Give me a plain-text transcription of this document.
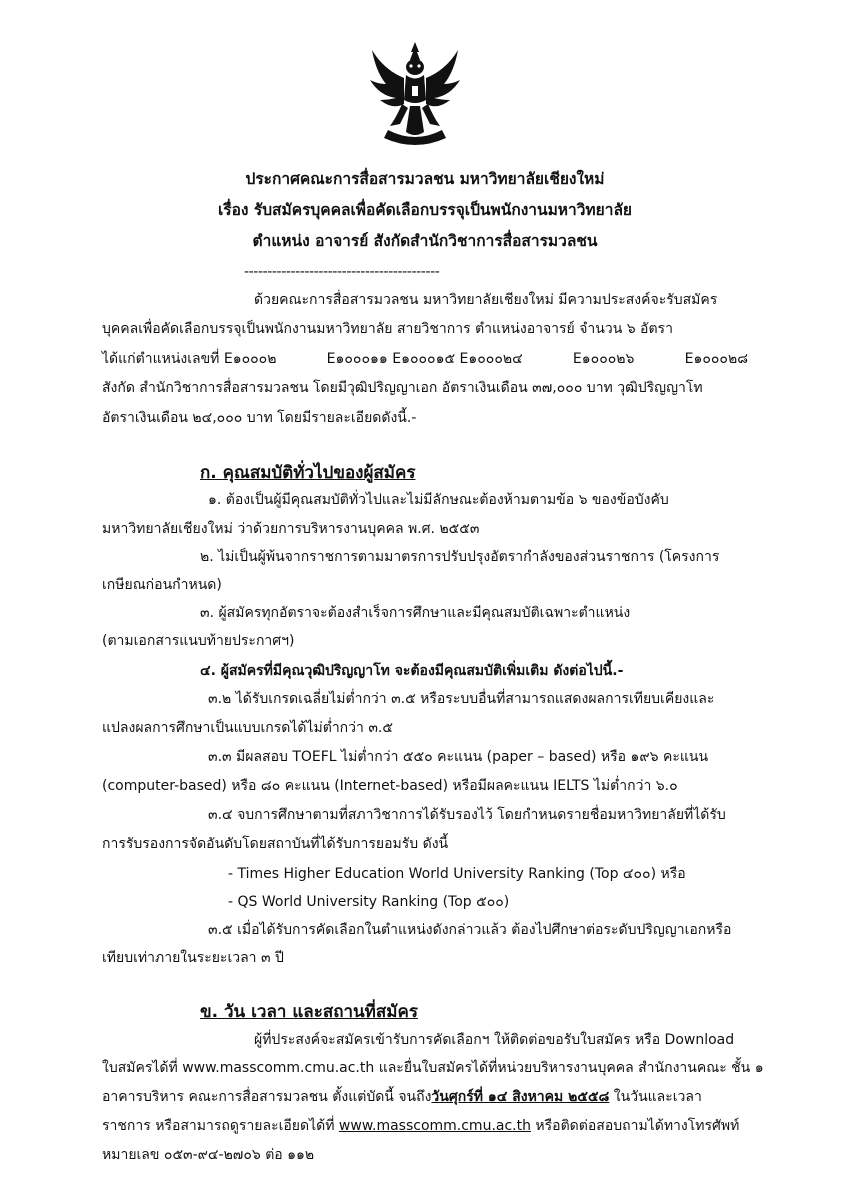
ประกาศคณะการสื่อสารมวลชน มหาวิทยาลัยเชียงใหม่
เรื่อง รับสมัครบุคคลเพื่อคัดเลือกบรรจุเป็นพนักงานมหาวิทยาลัย
ตำแหน่ง อาจารย์ สังกัดสำนักวิชาการสื่อสารมวลชน
------------------------------------------
ด้วยคณะการสื่อสารมวลชน มหาวิทยาลัยเชียงใหม่ มีความประสงค์จะรับสมัคร
บุคคลเพื่อคัดเลือกบรรจุเป็นพนักงานมหาวิทยาลัย สายวิชาการ ตำแหน่งอาจารย์ จำนวน ๖ อัตรา
ได้แก่ตำแหน่งเลขที่ E๑๐๐๐๒	E๑๐๐๐๑๑ E๑๐๐๐๑๕ E๑๐๐๐๒๔	E๑๐๐๐๒๖	E๑๐๐๐๒๘
สังกัด สำนักวิชาการสื่อสารมวลชน โดยมีวุฒิปริญญาเอก อัตราเงินเดือน ๓๗,๐๐๐ บาท วุฒิปริญญาโท
อัตราเงินเดือน ๒๔,๐๐๐ บาท โดยมีรายละเอียดดังนี้.-
ก. คุณสมบัติทั่วไปของผู้สมัคร
๑. ต้องเป็นผู้มีคุณสมบัติทั่วไปและไม่มีลักษณะต้องห้ามตามข้อ ๖ ของข้อบังคับ
มหาวิทยาลัยเชียงใหม่ ว่าด้วยการบริหารงานบุคคล พ.ศ. ๒๕๕๓
๒. ไม่เป็นผู้พ้นจากราชการตามมาตรการปรับปรุงอัตรากำลังของส่วนราชการ (โครงการ
เกษียณก่อนกำหนด)
๓. ผู้สมัครทุกอัตราจะต้องสำเร็จการศึกษาและมีคุณสมบัติเฉพาะตำแหน่ง
(ตามเอกสารแนบท้ายประกาศฯ)
๔. ผู้สมัครที่มีคุณวุฒิปริญญาโท จะต้องมีคุณสมบัติเพิ่มเติม ดังต่อไปนี้.-
๓.๒ ได้รับเกรดเฉลี่ยไม่ต่ำกว่า ๓.๕ หรือระบบอื่นที่สามารถแสดงผลการเทียบเคียงและ
แปลงผลการศึกษาเป็นแบบเกรดได้ไม่ต่ำกว่า ๓.๕
๓.๓ มีผลสอบ TOEFL ไม่ต่ำกว่า ๕๕๐ คะแนน (paper – based) หรือ ๑๙๖ คะแนน
(computer-based) หรือ ๘๐ คะแนน (Internet-based) หรือมีผลคะแนน IELTS ไม่ต่ำกว่า ๖.๐
๓.๔ จบการศึกษาตามที่สภาวิชาการได้รับรองไว้ โดยกำหนดรายชื่อมหาวิทยาลัยที่ได้รับ
การรับรองการจัดอันดับโดยสถาบันที่ได้รับการยอมรับ ดังนี้
- Times Higher Education World University Ranking (Top ๔๐๐) หรือ
- QS World University Ranking (Top ๕๐๐)
๓.๕ เมื่อได้รับการคัดเลือกในตำแหน่งดังกล่าวแล้ว ต้องไปศึกษาต่อระดับปริญญาเอกหรือ
เทียบเท่าภายในระยะเวลา ๓ ปี
ข. วัน เวลา และสถานที่สมัคร
ผู้ที่ประสงค์จะสมัครเข้ารับการคัดเลือกฯ ให้ติดต่อขอรับใบสมัคร หรือ Download
ใบสมัครได้ที่ www.masscomm.cmu.ac.th และยื่นใบสมัครได้ที่หน่วยบริหารงานบุคคล สำนักงานคณะ ชั้น ๑
อาคารบริหาร คณะการสื่อสารมวลชน ตั้งแต่บัดนี้ จนถึงวันศุกร์ที่ ๑๔ สิงหาคม ๒๕๕๘ ในวันและเวลา
ราชการ หรือสามารถดูรายละเอียดได้ที่ www.masscomm.cmu.ac.th หรือติดต่อสอบถามได้ทางโทรศัพท์
หมายเลข ๐๕๓-๙๔-๒๗๐๖ ต่อ ๑๑๒
